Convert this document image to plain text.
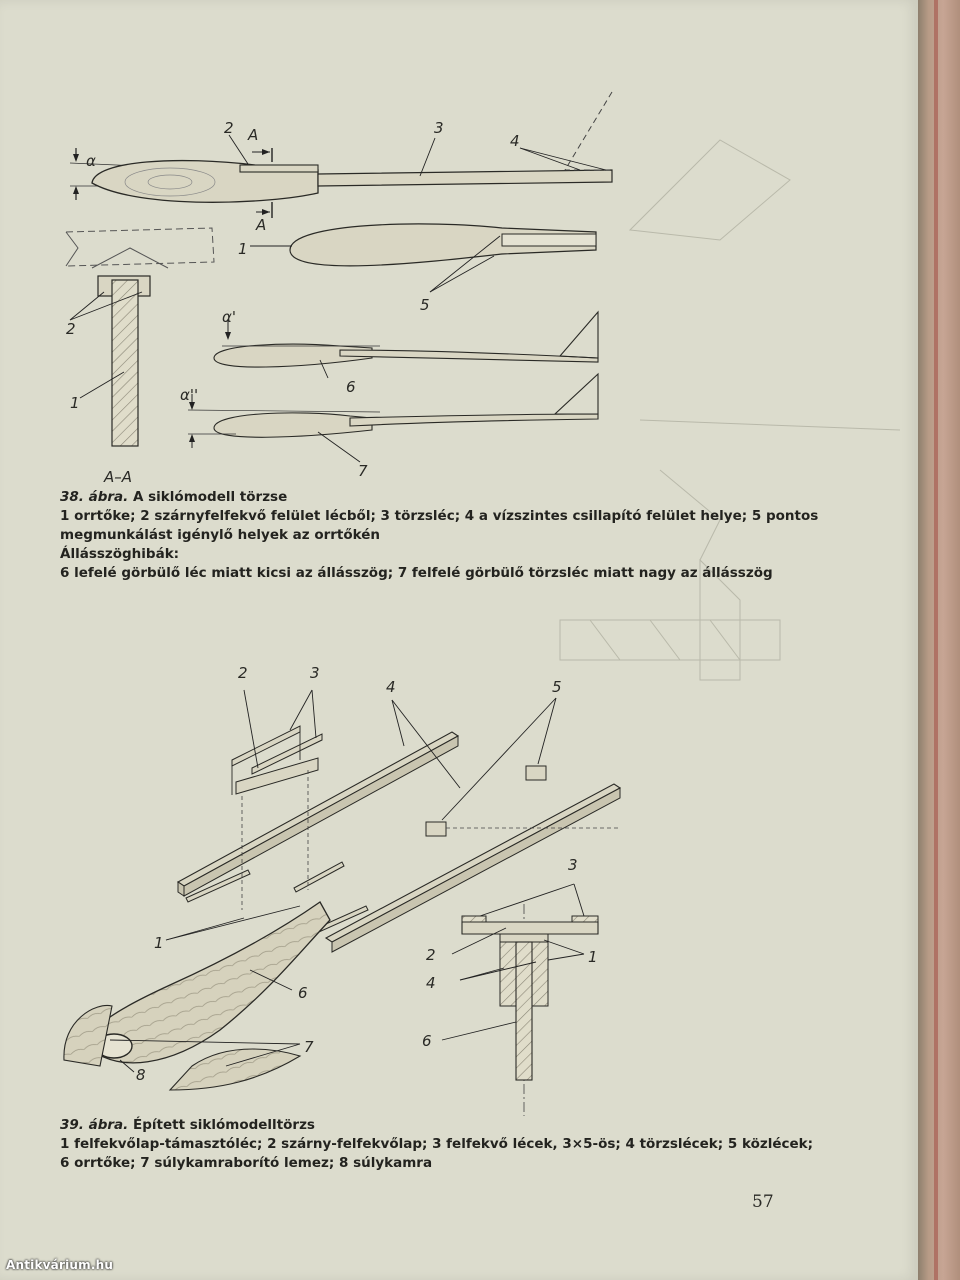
2 A	3
4
α
A
1
5
2
α'
1
6
α''
7
A–A
38. ábra. A siklómodell törzse
1 orrtőke; 2 szárnyfelfekvő felület lécből; 3 törzsléc; 4 a vízszintes csillapító felület helye; 5 pontos
megmunkálást igénylő helyek az orrtőkén
Állásszöghibák:
6 lefelé görbülő léc miatt kicsi az állásszög; 7 felfelé görbülő törzsléc miatt nagy az állásszög
2	3
4	5
1
6
7
8
3
2
4
1
6
39. ábra. Épített siklómodelltörzs
1 felfekvőlap-támasztóléc; 2 szárny-felfekvőlap; 3 felfekvő lécek, 3×5-ös; 4 törzslécek; 5 közlécek;
6 orrtőke; 7 súlykamraborító lemez; 8 súlykamra
57
Antikvárium.hu
